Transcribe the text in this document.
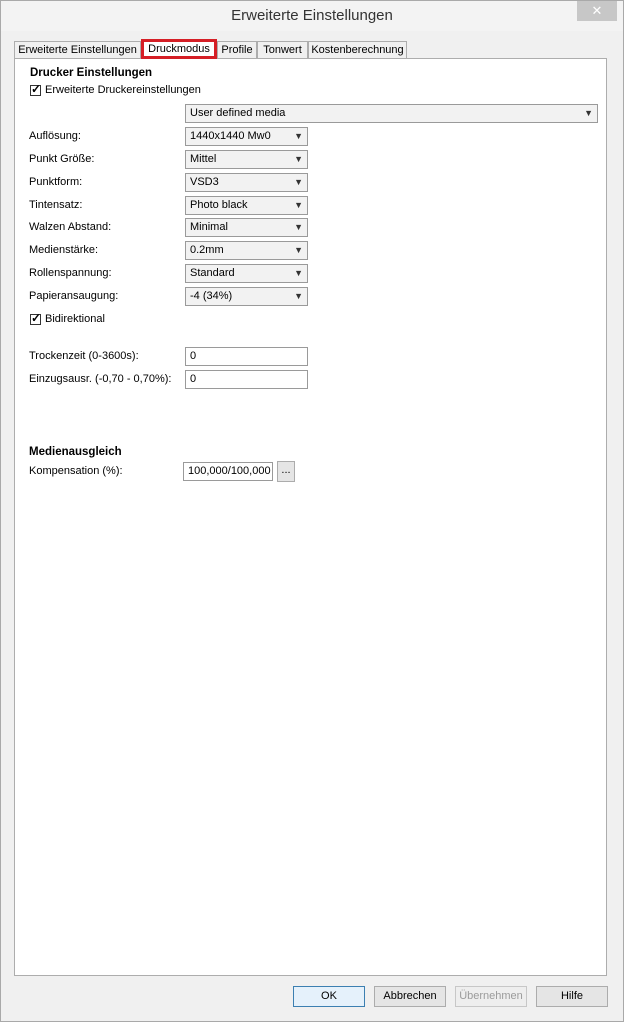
Erweiterte Einstellungen	✕
Erweiterte Einstellungen	Druckmodus	Profile Tonwert Kostenberechnung
Drucker Einstellungen
✓
Erweiterte Druckereinstellungen
User defined media	▼
Auflösung:	1440x1440 Mw0	▼
Punkt Größe:	Mittel	▼
Punktform:	VSD3	▼
Tintensatz:	Photo black	▼
Walzen Abstand:	Minimal	▼
Medienstärke:	0.2mm	▼
Rollenspannung:	Standard	▼
Papieransaugung:	-4 (34%)	▼
✓
Bidirektional
Trockenzeit (0-3600s):	0
Einzugsausr. (-0,70 - 0,70%):	0
Medienausgleich
Kompensation (%):	100,000/100,000 ...
OK	Abbrechen	Übernehmen	Hilfe
